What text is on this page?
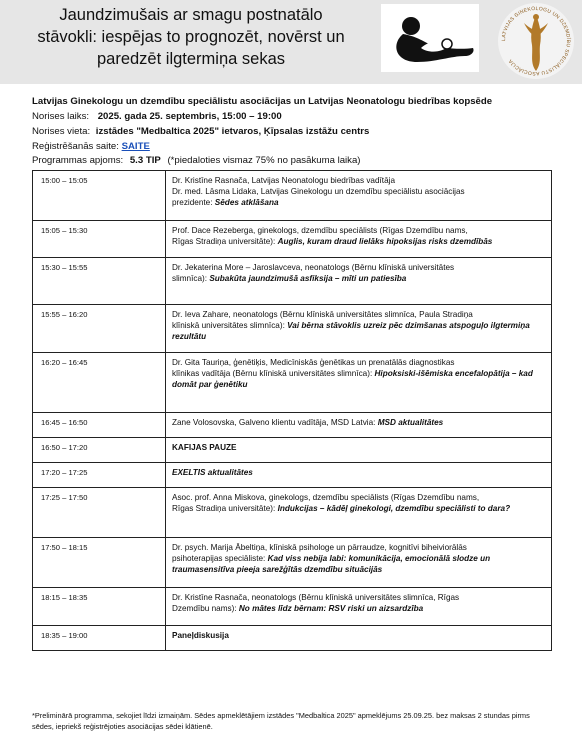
Jaundzimušais ar smagu postnatālo
stāvokli: iespējas to prognozēt, novērst un
paredzēt ilgtermiņa sekas
LATVIJAS GINEKOLOGU UN DZEMDĪBU SPECIĀLISTU ASOCIĀCIJA
Latvijas Ginekologu un dzemdību speciālistu asociācijas un Latvijas Neonatologu biedrības kopsēde
Norises laiks: 2025. gada 25. septembris, 15:00 – 19:00
Norises vieta: izstādes "Medbaltica 2025" ietvaros, Ķīpsalas izstāžu centrs
Reģistrēšanās saite: SAITE
Programmas apjoms: 5.3 TIP (*piedaloties vismaz 75% no pasākuma laika)
15:00 – 15:05	Dr. Kristīne Rasnača, Latvijas Neonatologu biedrības vadītāja
Dr. med. Lāsma Lidaka, Latvijas Ginekologu un dzemdību speciālistu asociācijas
prezidente: Sēdes atklāšana
15:05 – 15:30	Prof. Dace Rezeberga, ginekologs, dzemdību speciālists (Rīgas Dzemdību nams,
Rīgas Stradiņa universitāte): Auglis, kuram draud lielāks hipoksijas risks dzemdībās
15:30 – 15:55	Dr. Jekaterina More – Jaroslavceva, neonatologs (Bērnu klīniskā universitātes
slimnīca): Subakūta jaundzimušā asfiksija – mīti un patiesība
15:55 – 16:20	Dr. Ieva Zahare, neonatologs (Bērnu klīniskā universitātes slimnīca, Paula Stradiņa
klīniskā universitātes slimnīca): Vai bērna stāvoklis uzreiz pēc dzimšanas atspoguļo ilgtermiņa rezultātu
16:20 – 16:45	Dr. Gita Tauriņa, ģenētiķis, Medicīniskās ģenētikas un prenatālās diagnostikas
klīnikas vadītāja (Bērnu klīniskā universitātes slimnīca): Hipoksiski-išēmiska encefalopātija – kad domāt par ģenētiku
16:45 – 16:50	Zane Volosovska, Galveno klientu vadītāja, MSD Latvia: MSD aktualitātes
16:50 – 17:20	KAFIJAS PAUZE
17:20 – 17:25	EXELTIS aktualitātes
17:25 – 17:50	Asoc. prof. Anna Miskova, ginekologs, dzemdību speciālists (Rīgas Dzemdību nams,
Rīgas Stradiņa universitāte): Indukcijas – kādēļ ginekologi, dzemdību speciālisti to dara?
17:50 – 18:15	Dr. psych. Marija Ābeltiņa, klīniskā psihologe un pārraudze, kognitīvi biheiviorālās
psihoterapijas speciāliste: Kad viss nebija labi: komunikācija, emocionālā slodze un traumasensitīva pieeja sarežģītās dzemdību situācijās
18:15 – 18:35	Dr. Kristīne Rasnača, neonatologs (Bērnu klīniskā universitātes slimnīca, Rīgas
Dzemdību nams): No mātes līdz bērnam: RSV riski un aizsardzība
18:35 – 19:00	Paneļdiskusija
*Preliminārā programma, sekojiet līdzi izmaiņām. Sēdes apmeklētājiem izstādes "Medbaltica 2025" apmeklējums 25.09.25. bez maksas 2 stundas pirms sēdes, iepriekš reģistrējoties asociācijas sēdei klātienē.
